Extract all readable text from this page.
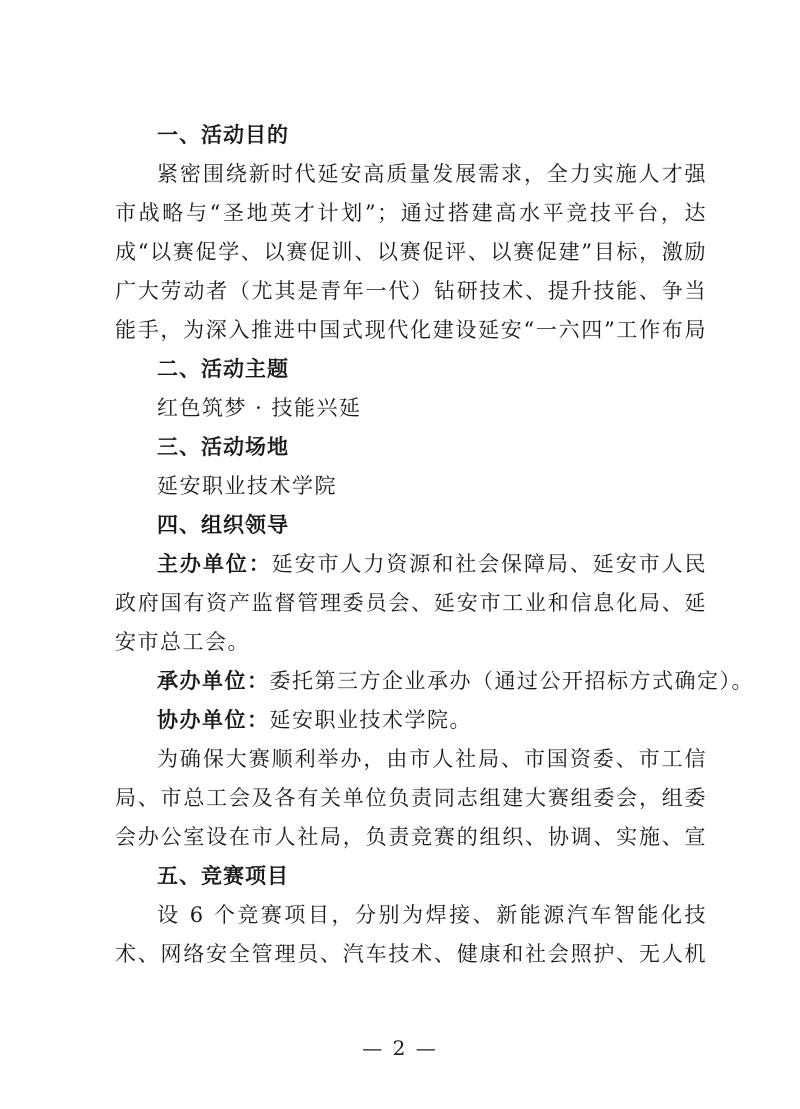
一、活动目的

紧密围绕新时代延安高质量发展需求，全力实施人才强市战略与“圣地英才计划”；通过搭建高水平竞技平台，达成“以赛促学、以赛促训、以赛促评、以赛促建”目标，激励广大劳动者（尤其是青年一代）钻研技术、提升技能、争当能手，为深入推进中国式现代化建设延安“一六四”工作布局

二、活动主题

红色筑梦 · 技能兴延

三、活动场地

延安职业技术学院

四、组织领导

主办单位：延安市人力资源和社会保障局、延安市人民政府国有资产监督管理委员会、延安市工业和信息化局、延安市总工会。

承办单位：委托第三方企业承办（通过公开招标方式确定）。

协办单位：延安职业技术学院。

为确保大赛顺利举办，由市人社局、市国资委、市工信局、市总工会及各有关单位负责同志组建大赛组委会，组委会办公室设在市人社局，负责竞赛的组织、协调、实施、宣

五、竞赛项目

设 6 个竞赛项目，分别为焊接、新能源汽车智能化技术、网络安全管理员、汽车技术、健康和社会照护、无人机

— 2 —
